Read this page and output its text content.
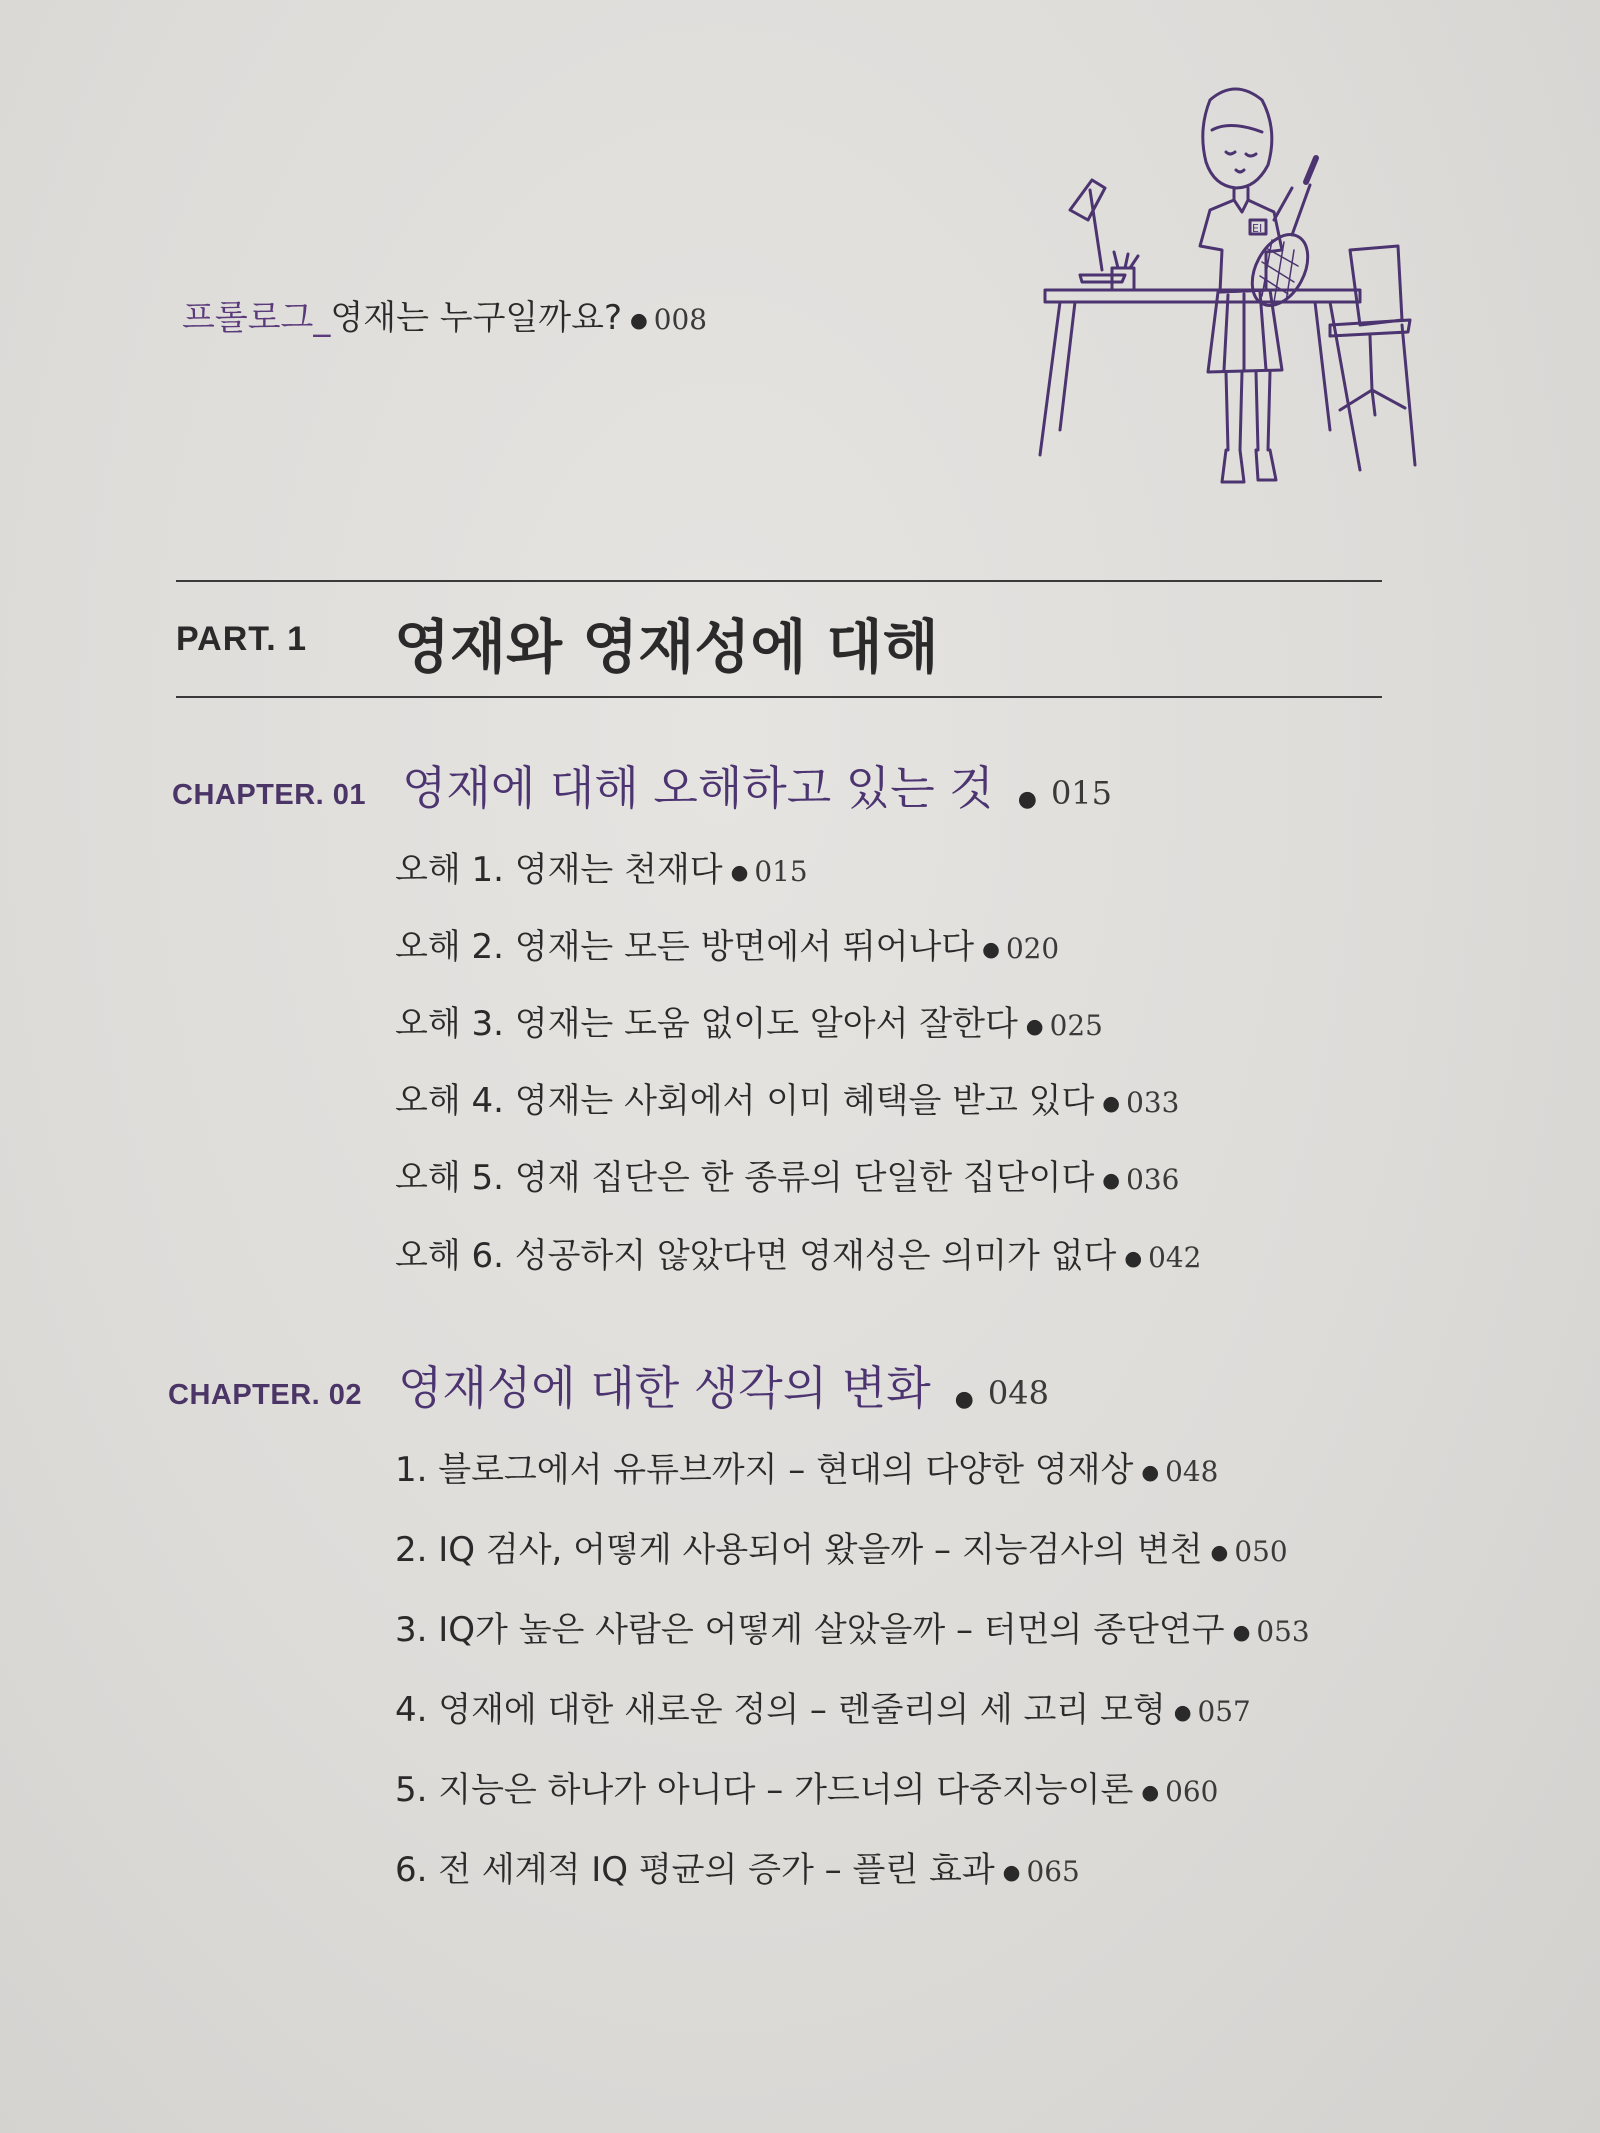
프롤로그_영재는 누구일까요? ● 008
EI
PART. 1 영재와 영재성에 대해
CHAPTER. 01 영재에 대해 오해하고 있는 것 ● 015
오해 1. 영재는 천재다 ● 015
오해 2. 영재는 모든 방면에서 뛰어나다 ● 020
오해 3. 영재는 도움 없이도 알아서 잘한다 ● 025
오해 4. 영재는 사회에서 이미 혜택을 받고 있다 ● 033
오해 5. 영재 집단은 한 종류의 단일한 집단이다 ● 036
오해 6. 성공하지 않았다면 영재성은 의미가 없다 ● 042
CHAPTER. 02 영재성에 대한 생각의 변화 ● 048
1. 블로그에서 유튜브까지 – 현대의 다양한 영재상 ● 048
2. IQ 검사, 어떻게 사용되어 왔을까 – 지능검사의 변천 ● 050
3. IQ가 높은 사람은 어떻게 살았을까 – 터먼의 종단연구 ● 053
4. 영재에 대한 새로운 정의 – 렌줄리의 세 고리 모형 ● 057
5. 지능은 하나가 아니다 – 가드너의 다중지능이론 ● 060
6. 전 세계적 IQ 평균의 증가 – 플린 효과 ● 065
